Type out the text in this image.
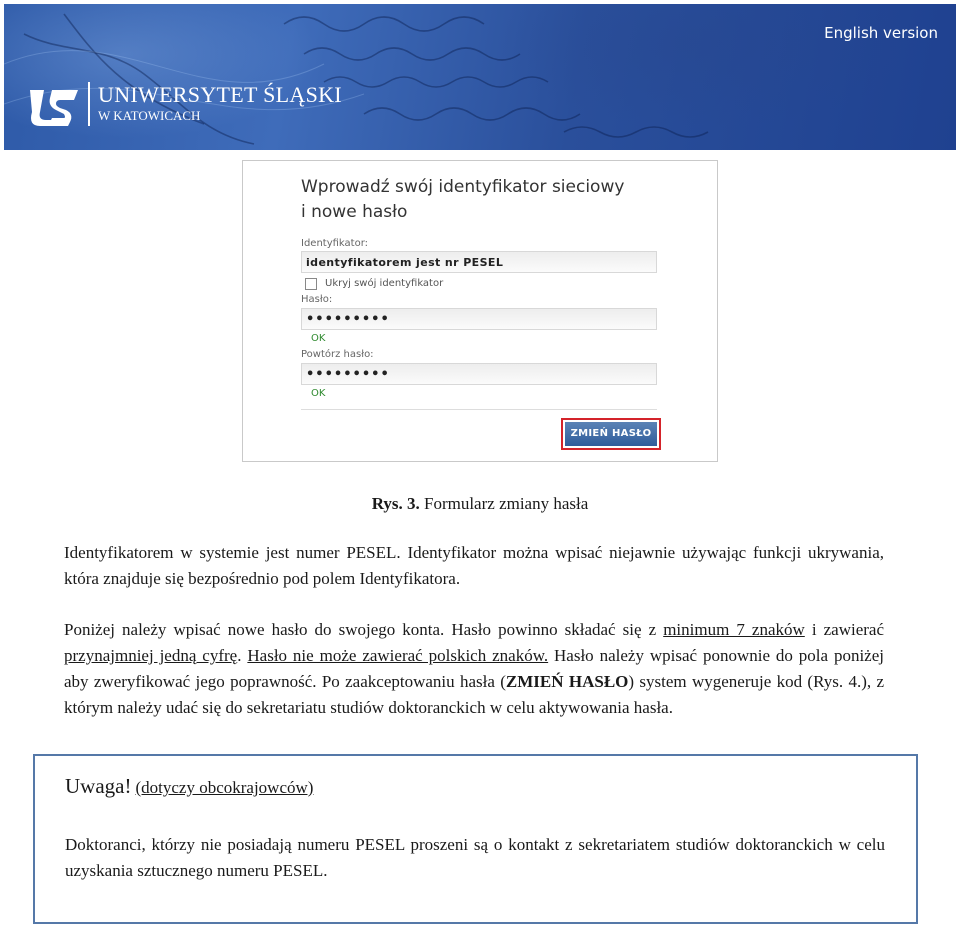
English version
UNIWERSYTET ŚLĄSKI
W KATOWICACH
Wprowadź swój identyfikator sieciowy
i nowe hasło
Identyfikator:
identyfikatorem jest nr PESEL
Ukryj swój identyfikator
Hasło:
•••••••••
OK
Powtórz hasło:
•••••••••
OK
ZMIEŃ HASŁO
Rys. 3. Formularz zmiany hasła
Identyfikatorem w systemie jest numer PESEL. Identyfikator można wpisać niejawnie używając funkcji ukrywania, która znajduje się bezpośrednio pod polem Identyfikatora.
Poniżej należy wpisać nowe hasło do swojego konta. Hasło powinno składać się z minimum 7 znaków i zawierać przynajmniej jedną cyfrę. Hasło nie może zawierać polskich znaków. Hasło należy wpisać ponownie do pola poniżej aby zweryfikować jego poprawność. Po zaakceptowaniu hasła (ZMIEŃ HASŁO) system wygeneruje kod (Rys. 4.), z którym należy udać się do sekretariatu studiów doktoranckich w celu aktywowania hasła.
Uwaga! (dotyczy obcokrajowców)
Doktoranci, którzy nie posiadają numeru PESEL proszeni są o kontakt z sekretariatem studiów doktoranckich w celu uzyskania sztucznego numeru PESEL.
